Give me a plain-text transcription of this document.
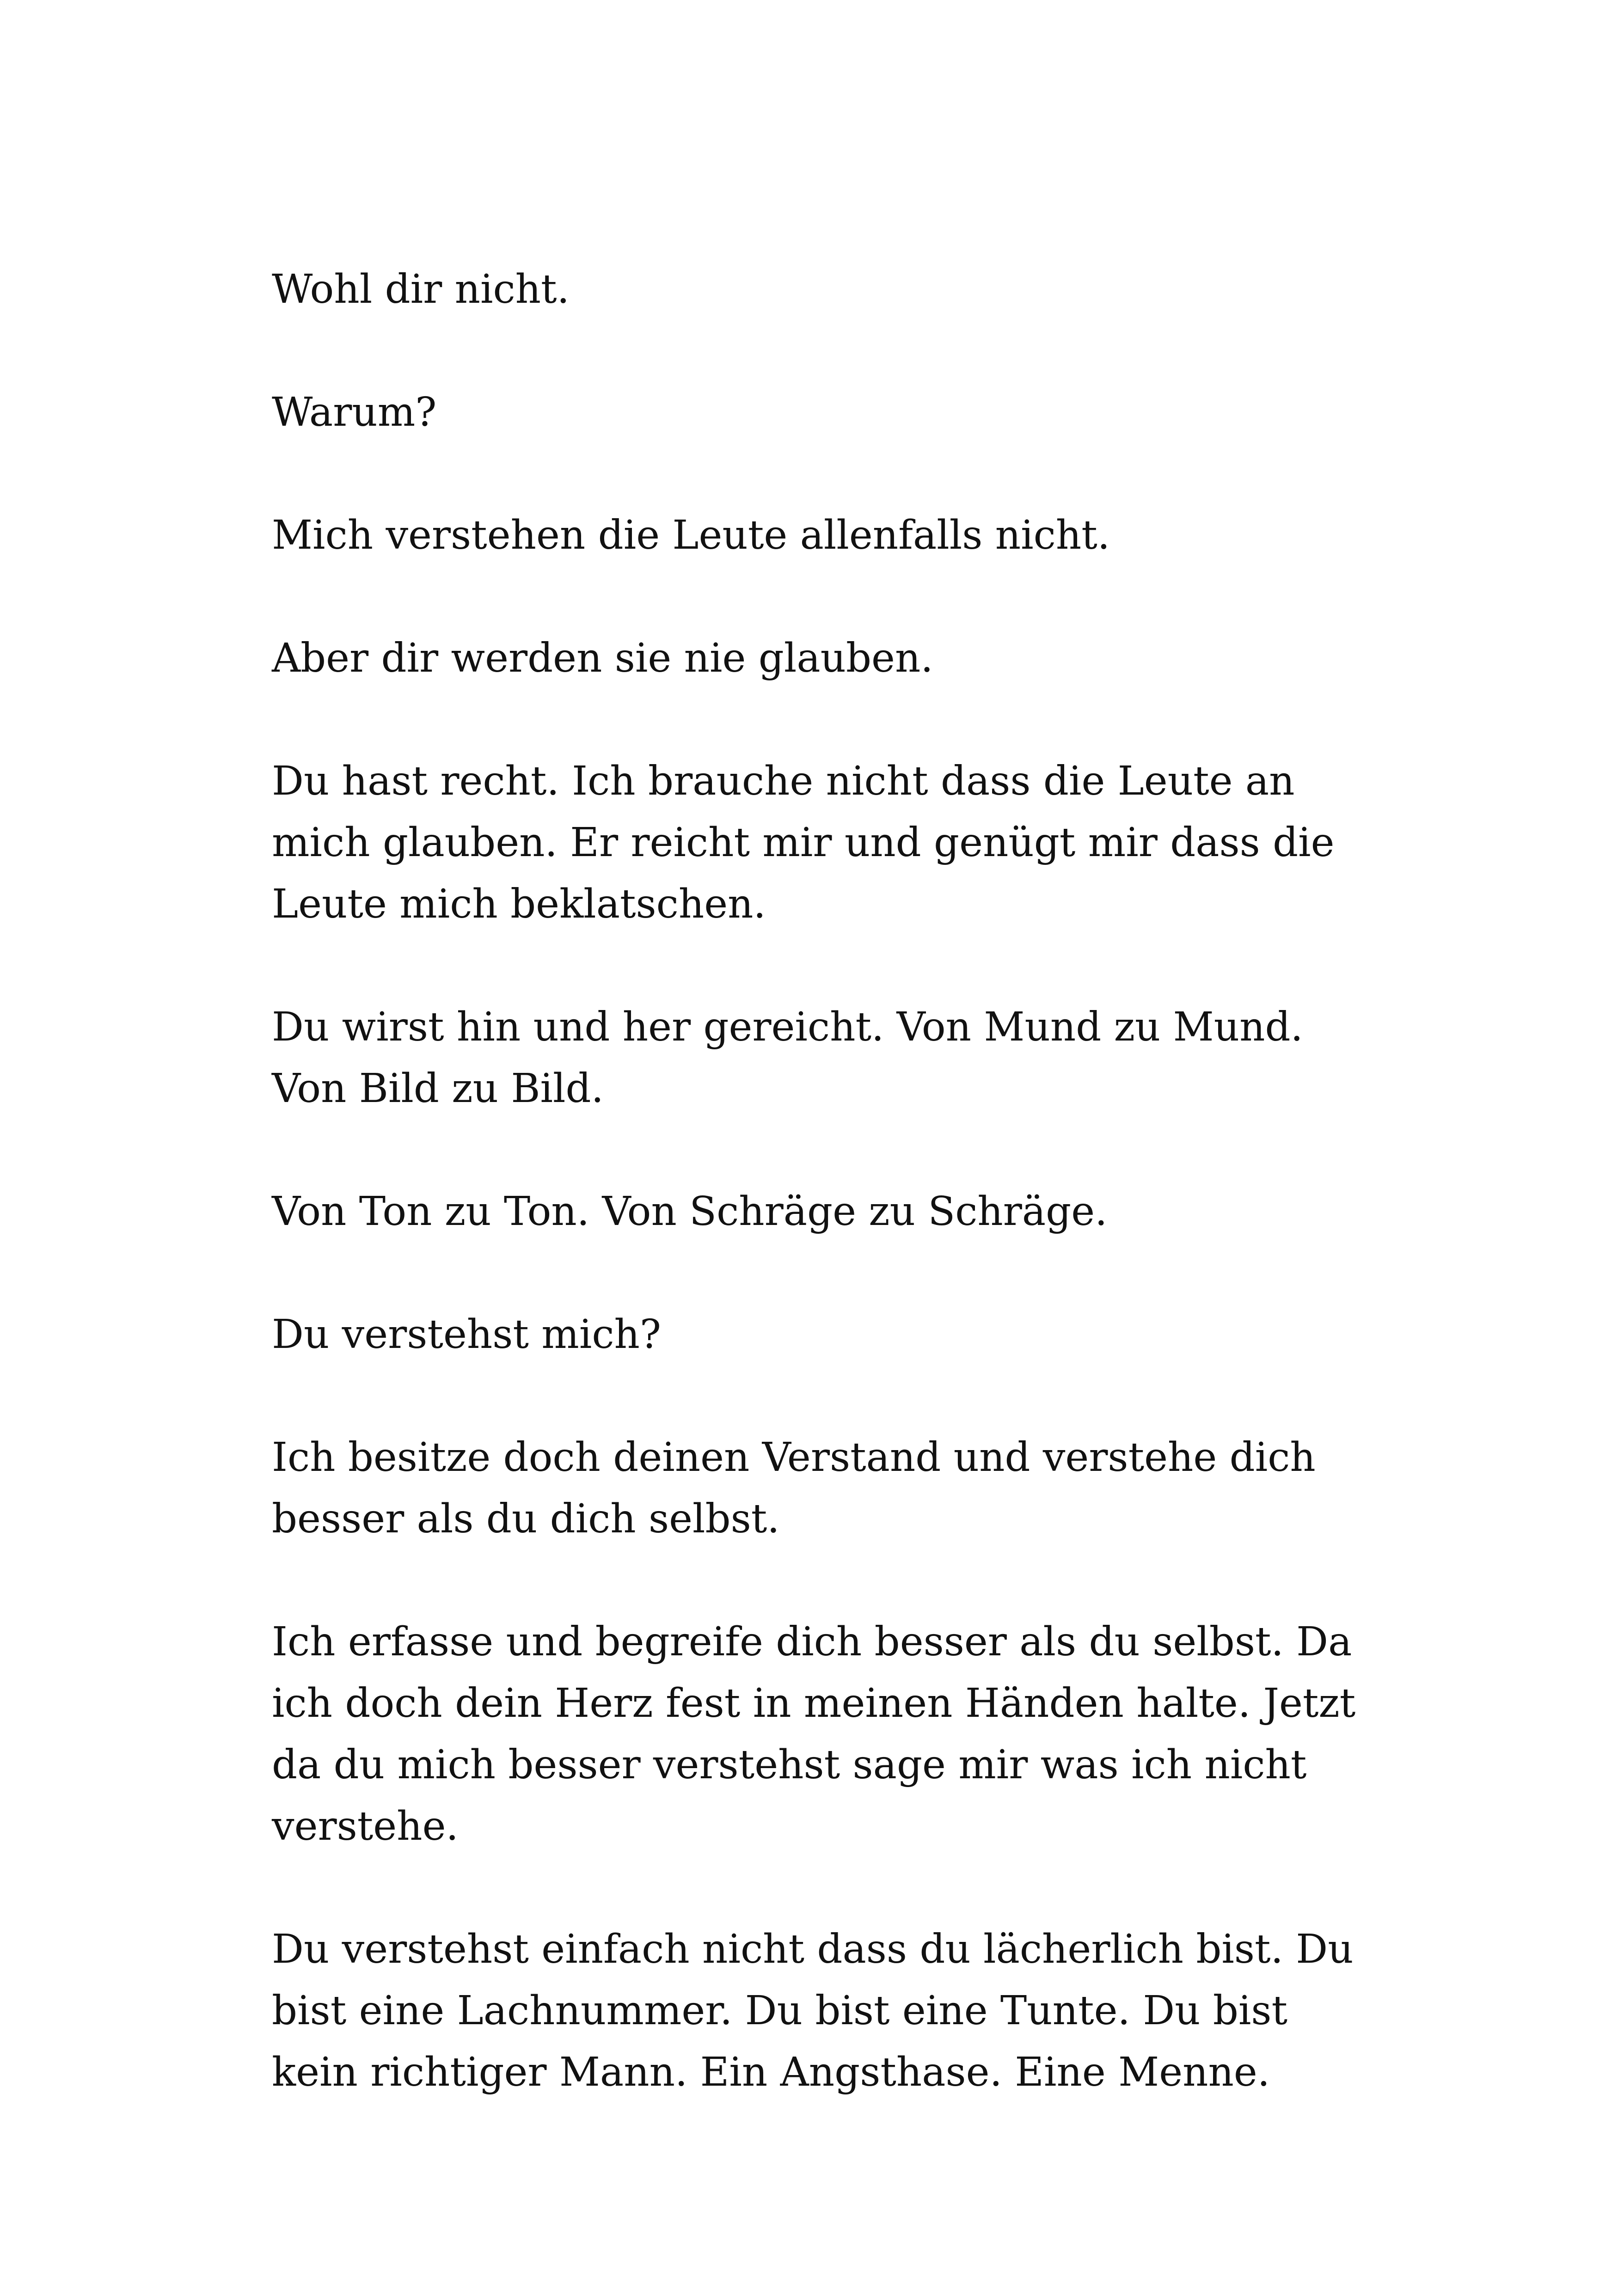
Wohl dir nicht.

Warum?

Mich verstehen die Leute allenfalls nicht.

Aber dir werden sie nie glauben.

Du hast recht. Ich brauche nicht dass die Leute an mich glauben. Er reicht mir und genügt mir dass die Leute mich beklatschen.

Du wirst hin und her gereicht. Von Mund zu Mund. Von Bild zu Bild.

Von Ton zu Ton. Von Schräge zu Schräge.

Du verstehst mich?

Ich besitze doch deinen Verstand und verstehe dich besser als du dich selbst.

Ich erfasse und begreife dich besser als du selbst. Da ich doch dein Herz fest in meinen Händen halte. Jetzt da du mich besser verstehst sage mir was ich nicht verstehe.

Du verstehst einfach nicht dass du lächerlich bist. Du bist eine Lachnummer. Du bist eine Tunte. Du bist kein richtiger Mann. Ein Angsthase. Eine Menne.
